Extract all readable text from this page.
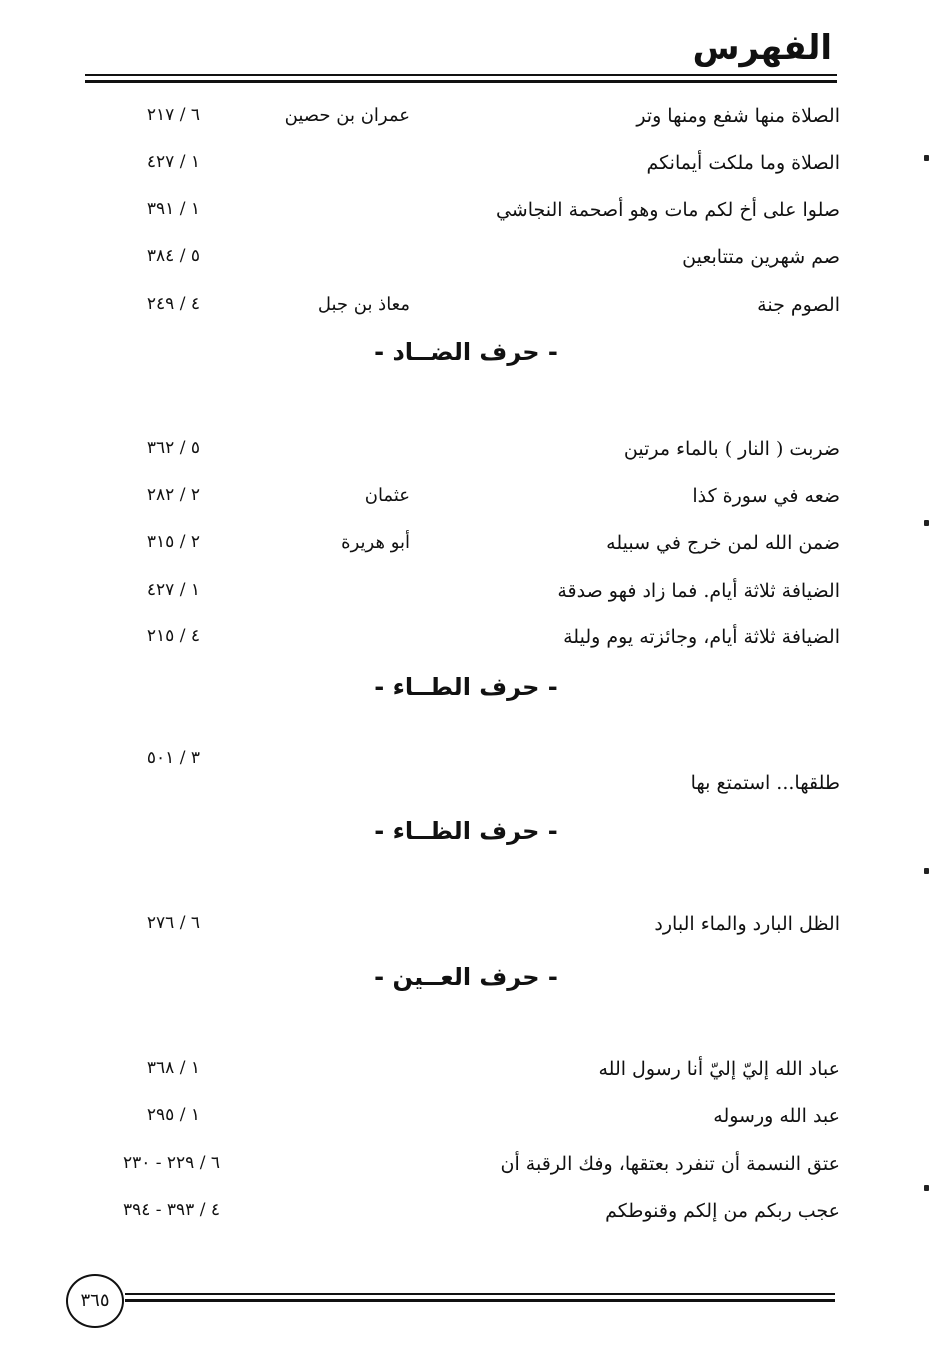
الفهرس
الصلاة منها شفع ومنها وتر
عمران بن حصين
٦ / ٢١٧
الصلاة وما ملكت أيمانكم
١ / ٤٢٧
صلوا على أخ لكم مات وهو أصحمة النجاشي
١ / ٣٩١
صم شهرين متتابعين
٥ / ٣٨٤
الصوم جنة
معاذ بن جبل
٤ / ٢٤٩
- حرف الضــاد -
ضربت ( النار ) بالماء مرتين
٥ / ٣٦٢
ضعه في سورة كذا
عثمان
٢ / ٢٨٢
ضمن الله لمن خرج في سبيله
أبو هريرة
٢ / ٣١٥
الضيافة ثلاثة أيام. فما زاد فهو صدقة
١ / ٤٢٧
الضيافة ثلاثة أيام، وجائزته يوم وليلة
٤ / ٢١٥
- حرف الطــاء -
٣ / ٥٠١
طلقها... استمتع بها
- حرف الظــاء -
الظل البارد والماء البارد
٦ / ٢٧٦
- حرف العــين -
عباد الله إليّ إليّ أنا رسول الله
١ / ٣٦٨
عبد الله ورسوله
١ / ٢٩٥
عتق النسمة أن تنفرد بعتقها، وفك الرقبة أن
٦ / ٢٢٩ - ٢٣٠
عجب ربكم من إلكم وقنوطكم
٤ / ٣٩٣ - ٣٩٤
٣٦٥
